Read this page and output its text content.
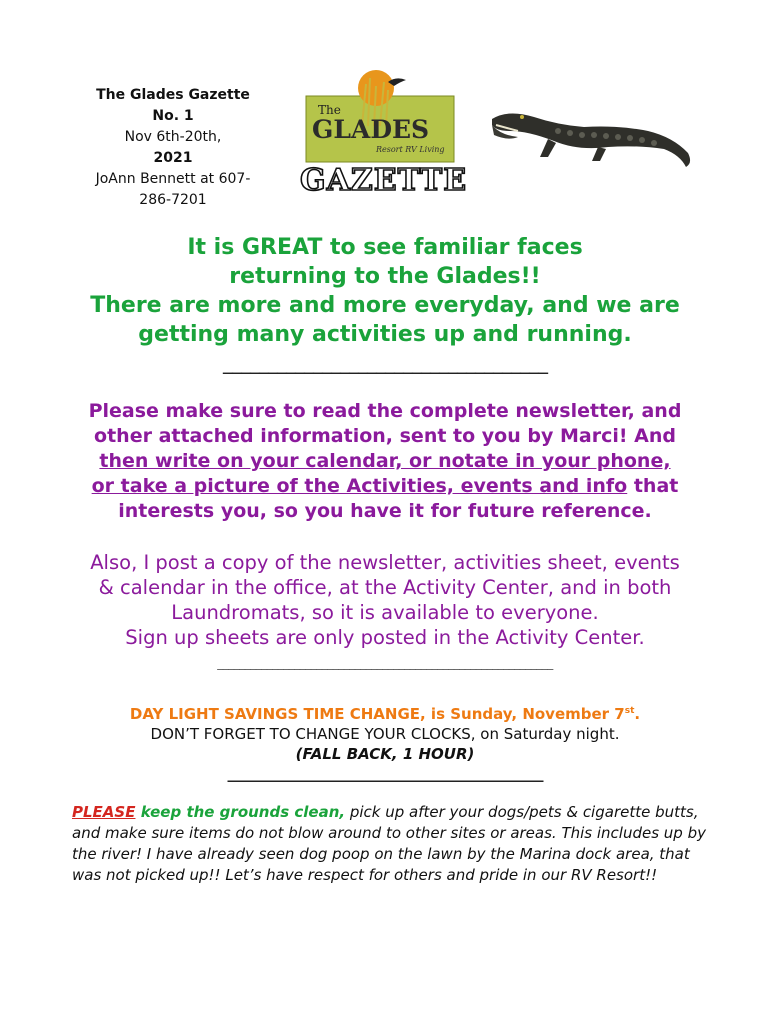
The Glades Gazette
No. 1
Nov 6th-20th,
2021
JoAnn Bennett at 607-
286-7201
The
GLADES
Resort RV Living
GAZETTE
It is GREAT to see familiar faces
returning to the Glades!!
There are more and more everyday, and we are
getting many activities up and running.
____________________________________
Please make sure to read the complete newsletter, and
other attached information, sent to you by Marci! And
then write on your calendar, or notate in your phone,
or take a picture of the Activities, events and info that
interests you, so you have it for future reference.
Also, I post a copy of the newsletter, activities sheet, events
& calendar in the office, at the Activity Center, and in both
Laundromats, so it is available to everyone.
Sign up sheets are only posted in the Activity Center.
_____________________________________________________________
DAY LIGHT SAVINGS TIME CHANGE, is Sunday, November 7st.
DON’T FORGET TO CHANGE YOUR CLOCKS, on Saturday night.
(FALL BACK, 1 HOUR)
_____________________________________________
PLEASE keep the grounds clean, pick up after your dogs/pets & cigarette butts, and make sure items do not blow around to other sites or areas. This includes up by the river! I have already seen dog poop on the lawn by the Marina dock area, that was not picked up!! Let’s have respect for others and pride in our RV Resort!!
